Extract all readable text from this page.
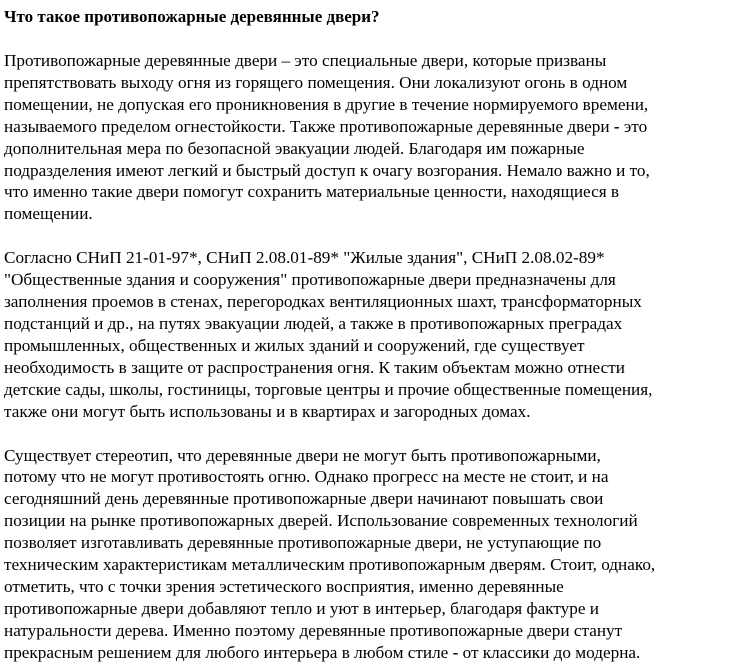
Что такое противопожарные деревянные двери?

Противопожарные деревянные двери – это специальные двери, которые призваны
препятствовать выходу огня из горящего помещения. Они локализуют огонь в одном
помещении, не допуская его проникновения в другие в течение нормируемого времени,
называемого пределом огнестойкости. Также противопожарные деревянные двери - это
дополнительная мера по безопасной эвакуации людей. Благодаря им пожарные
подразделения имеют легкий и быстрый доступ к очагу возгорания. Немало важно и то,
что именно такие двери помогут сохранить материальные ценности, находящиеся в
помещении.

Согласно СНиП 21-01-97*, СНиП 2.08.01-89* "Жилые здания", СНиП 2.08.02-89*
"Общественные здания и сооружения" противопожарные двери предназначены для
заполнения проемов в стенах, перегородках вентиляционных шахт, трансформаторных
подстанций и др., на путях эвакуации людей, а также в противопожарных преградах
промышленных, общественных и жилых зданий и сооружений, где существует
необходимость в защите от распространения огня. К таким объектам можно отнести
детские сады, школы, гостиницы, торговые центры и прочие общественные помещения,
также они могут быть использованы и в квартирах и загородных домах.

Существует стереотип, что деревянные двери не могут быть противопожарными,
потому что не могут противостоять огню. Однако прогресс на месте не стоит, и на
сегодняшний день деревянные противопожарные двери начинают повышать свои
позиции на рынке противопожарных дверей. Использование современных технологий
позволяет изготавливать деревянные противопожарные двери, не уступающие по
техническим характеристикам металлическим противопожарным дверям. Стоит, однако,
отметить, что с точки зрения эстетического восприятия, именно деревянные
противопожарные двери добавляют тепло и уют в интерьер, благодаря фактуре и
натуральности дерева. Именно поэтому деревянные противопожарные двери станут
прекрасным решением для любого интерьера в любом стиле - от классики до модерна.
